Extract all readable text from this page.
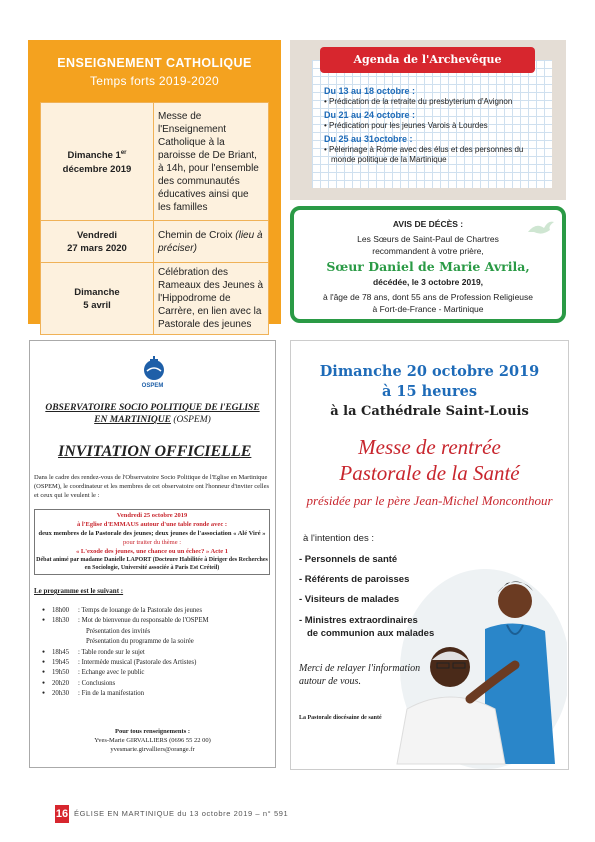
ENSEIGNEMENT CATHOLIQUE
Temps forts 2019-2020
Dimanche 1er
décembre 2019	Messe de l'Enseignement Catholique à la paroisse de De Briant, à 14h, pour l'ensemble des communautés éducatives ainsi que les familles
Vendredi
27 mars 2020	Chemin de Croix (lieu à préciser)
Dimanche
5 avril	Célébration des Rameaux des Jeunes à l'Hippodrome de Carrère, en lien avec la Pastorale des jeunes
Agenda de l'Archevêque
Du 13 au 18 octobre :
• Prédication de la retraite du presbyterium d'Avignon
Du 21 au 24 octobre :
• Prédication pour les jeunes Varois à Lourdes
Du 25 au 31octobre :
• Pèlerinage à Rome avec des élus et des personnes du
monde politique de la Martinique
AVIS DE DÉCÈS :
Les Sœurs de Saint-Paul de Chartres
recommandent à votre prière,
Sœur Daniel de Marie Avrila,
décédée, le 3 octobre 2019,
à l'âge de 78 ans, dont 55 ans de Profession Religieuse
à Fort-de-France - Martinique
OSPEM
OBSERVATOIRE SOCIO POLITIQUE DE l'EGLISE
EN MARTINIQUE (OSPEM)
INVITATION OFFICIELLE
Dans le cadre des rendez-vous de l'Observatoire Socio Politique de l'Eglise en Martinique (OSPEM), le coordinateur et les membres de cet observatoire ont l'honneur d'inviter celles et ceux qui le veulent le :
Vendredi 25 octobre 2019
à l'Eglise d'EMMAUS autour d'une table ronde avec :
deux membres de la Pastorale des jeunes; deux jeunes de l'association « Alé Viré »
pour traiter du thème :
« L'exode des jeunes, une chance ou un échec? » Acte 1
Débat animé par madame Danielle LAPORT (Docteure Habilitée à Diriger des Recherches en Sociologie, Université associée à Paris Est Créteil)
Le programme est le suivant :
●	18h00	: Temps de louange de la Pastorale des jeunes
●	18h30	: Mot de bienvenue du responsable de l'OSPEM
Présentation des invités
Présentation du programme de la soirée
●	18h45	: Table ronde sur le sujet
●	19h45	: Intermède musical (Pastorale des Artistes)
●	19h50	: Echange avec le public
●	20h20	: Conclusions
●	20h30	: Fin de la manifestation
Pour tous renseignements :
Yves-Marie GIRVALLIERS (0696 55 22 00)
yvesmarie.girvalliers@orange.fr
Dimanche 20 octobre 2019
à 15 heures
à la Cathédrale Saint-Louis
Messe de rentrée
Pastorale de la Santé
présidée par le père Jean-Michel Monconthour
à l'intention des :
- Personnels de santé
- Référents de paroisses
- Visiteurs de malades
- Ministres extraordinaires
de communion aux malades
Merci de relayer l'information
autour de vous.
La Pastorale diocésaine de santé
16 ÉGLISE EN MARTINIQUE du 13 octobre 2019 – n° 591
